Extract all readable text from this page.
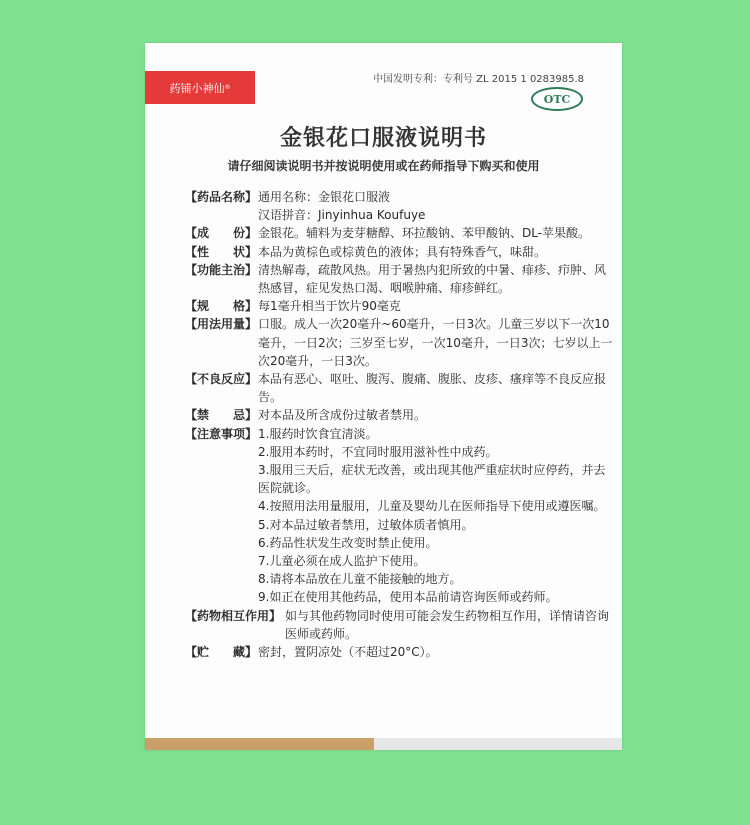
药铺小神仙 ®
中国发明专利：专利号 ZL 2015 1 0283985.8
OTC
金银花口服液说明书
请仔细阅读说明书并按说明使用或在药师指导下购买和使用
【药品名称】 通用名称：金银花口服液
汉语拼音：Jinyinhua Koufuye
【成　　份】 金银花。辅料为麦芽糖醇、环拉酸钠、苯甲酸钠、DL-苹果酸。
【性　　状】 本品为黄棕色或棕黄色的液体；具有特殊香气，味甜。
【功能主治】 清热解毒，疏散风热。用于暑热内犯所致的中暑、痱疹、疖肿、风热感冒，症见发热口渴、咽喉肿痛、痱疹鲜红。
【规　　格】 每1毫升相当于饮片90毫克
【用法用量】 口服。成人一次20毫升~60毫升，一日3次。儿童三岁以下一次10毫升，一日2次；三岁至七岁，一次10毫升，一日3次；七岁以上一次20毫升，一日3次。
【不良反应】 本品有恶心、呕吐、腹泻、腹痛、腹胀、皮疹、瘙痒等不良反应报告。
【禁　　忌】 对本品及所含成份过敏者禁用。
【注意事项】 1.服药时饮食宜清淡。
2.服用本药时，不宜同时服用滋补性中成药。
3.服用三天后，症状无改善，或出现其他严重症状时应停药，并去医院就诊。
4.按照用法用量服用，儿童及婴幼儿在医师指导下使用或遵医嘱。
5.对本品过敏者禁用，过敏体质者慎用。
6.药品性状发生改变时禁止使用。
7.儿童必须在成人监护下使用。
8.请将本品放在儿童不能接触的地方。
9.如正在使用其他药品，使用本品前请咨询医师或药师。
【药物相互作用】 如与其他药物同时使用可能会发生药物相互作用，详情请咨询医师或药师。
【贮　　藏】 密封，置阴凉处（不超过20°C）。
